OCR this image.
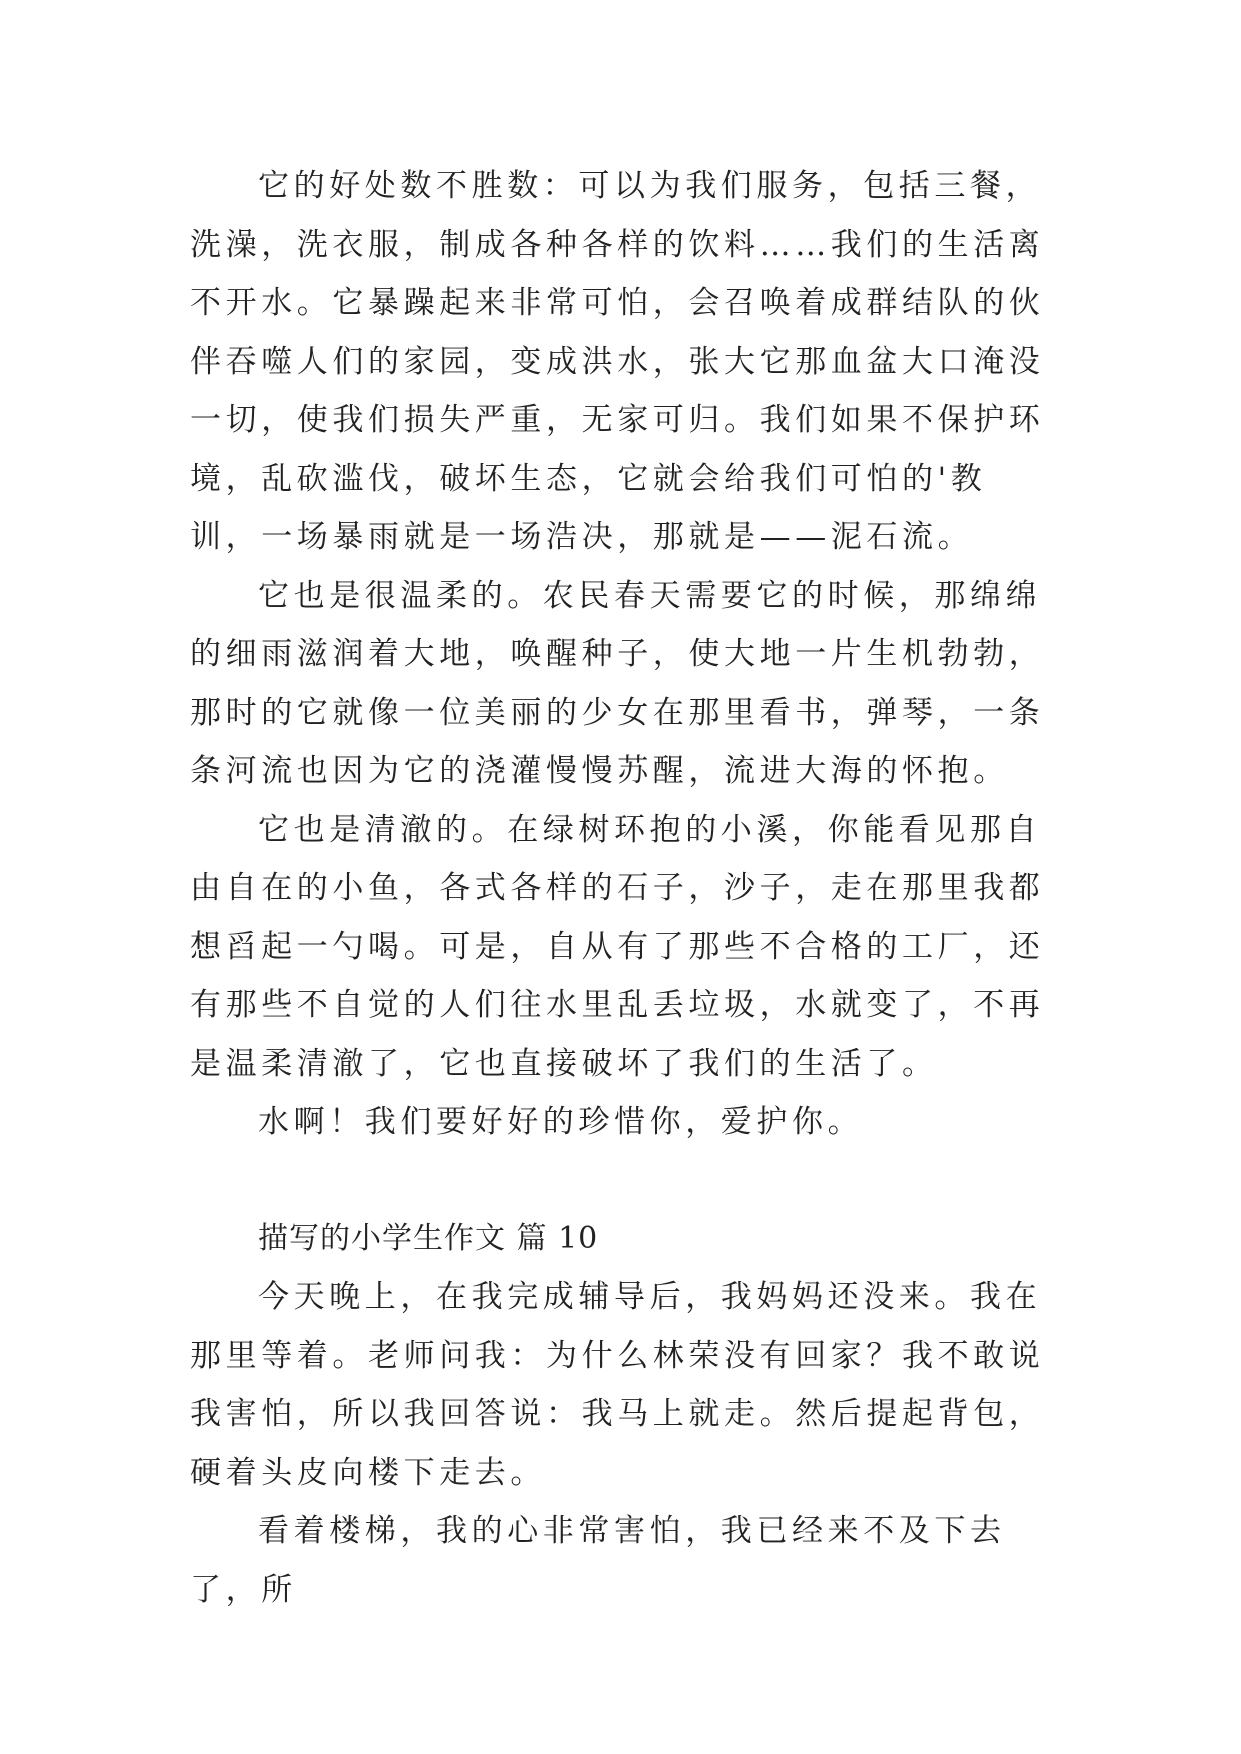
它的好处数不胜数：可以为我们服务，包括三餐，洗澡，洗衣服，制成各种各样的饮料……我们的生活离不开水。它暴躁起来非常可怕，会召唤着成群结队的伙伴吞噬人们的家园，变成洪水，张大它那血盆大口淹没一切，使我们损失严重，无家可归。我们如果不保护环境，乱砍滥伐，破坏生态，它就会给我们可怕的'教训，一场暴雨就是一场浩决，那就是——泥石流。

它也是很温柔的。农民春天需要它的时候，那绵绵的细雨滋润着大地，唤醒种子，使大地一片生机勃勃，那时的它就像一位美丽的少女在那里看书，弹琴，一条条河流也因为它的浇灌慢慢苏醒，流进大海的怀抱。

它也是清澈的。在绿树环抱的小溪，你能看见那自由自在的小鱼，各式各样的石子，沙子，走在那里我都想舀起一勺喝。可是，自从有了那些不合格的工厂，还有那些不自觉的人们往水里乱丢垃圾，水就变了，不再是温柔清澈了，它也直接破坏了我们的生活了。

水啊！我们要好好的珍惜你，爱护你。

描写的小学生作文 篇 10

今天晚上，在我完成辅导后，我妈妈还没来。我在那里等着。老师问我：为什么林荣没有回家？我不敢说我害怕，所以我回答说：我马上就走。然后提起背包，硬着头皮向楼下走去。

看着楼梯，我的心非常害怕，我已经来不及下去了，所
